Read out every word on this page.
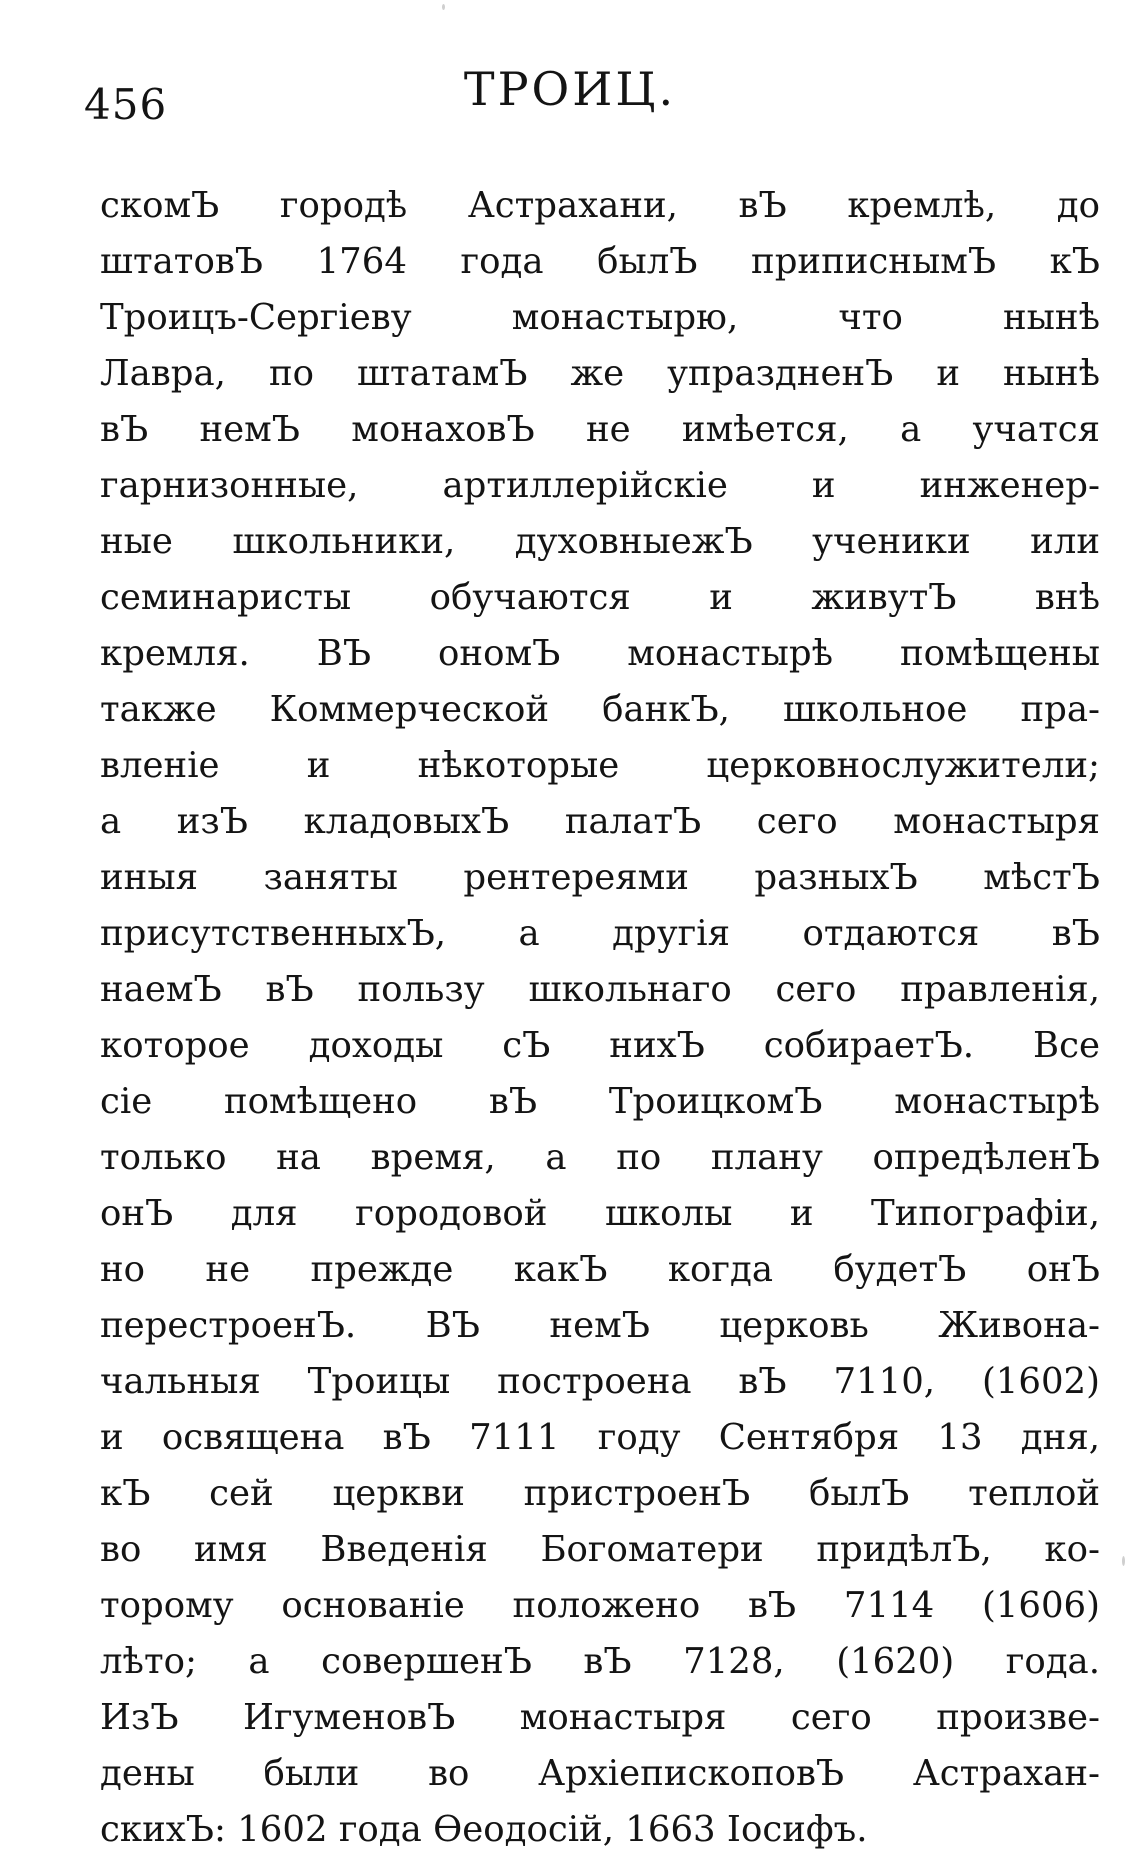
456	ТРОИЦ.
скомЪ городѣ Астрахани, вЪ кремлѣ, до
штатовЪ 1764 года былЪ приписнымЪ кЪ
Троицъ-Сергіеву монастырю, что нынѣ
Лавра, по штатамЪ же упраздненЪ и нынѣ
вЪ немЪ монаховЪ не имѣется, а учатся
гарнизонные, артиллерійскіе и инженер-
ные школьники, духовныежЪ ученики или
семинаристы обучаются и живутЪ внѣ
кремля. ВЪ ономЪ монастырѣ помѣщены
также Коммерческой банкЪ, школьное пра-
вленіе и нѣкоторые церковнослужители;
а изЪ кладовыхЪ палатЪ сего монастыря
иныя заняты рентереями разныхЪ мѣстЪ
присутственныхЪ, а другія отдаются вЪ
наемЪ вЪ пользу школьнаго сего правленія,
которое доходы сЪ нихЪ собираетЪ. Все
сіе помѣщено вЪ ТроицкомЪ монастырѣ
только на время, а по плану опредѣленЪ
онЪ для городовой школы и Типографіи,
но не прежде какЪ когда будетЪ онЪ
перестроенЪ. ВЪ немЪ церковь Живона-
чальныя Троицы построена вЪ 7110, (1602)
и освящена вЪ 7111 году Сентября 13 дня,
кЪ сей церкви пристроенЪ былЪ теплой
во имя Введенія Богоматери придѣлЪ, ко-
торому основаніе положено вЪ 7114 (1606)
лѣто; а совершенЪ вЪ 7128, (1620) года.
ИзЪ ИгуменовЪ монастыря сего произве-
дены были во АрхіепископовЪ Астрахан-
скихЪ: 1602 года Ѳеодосій, 1663 Іосифъ.
